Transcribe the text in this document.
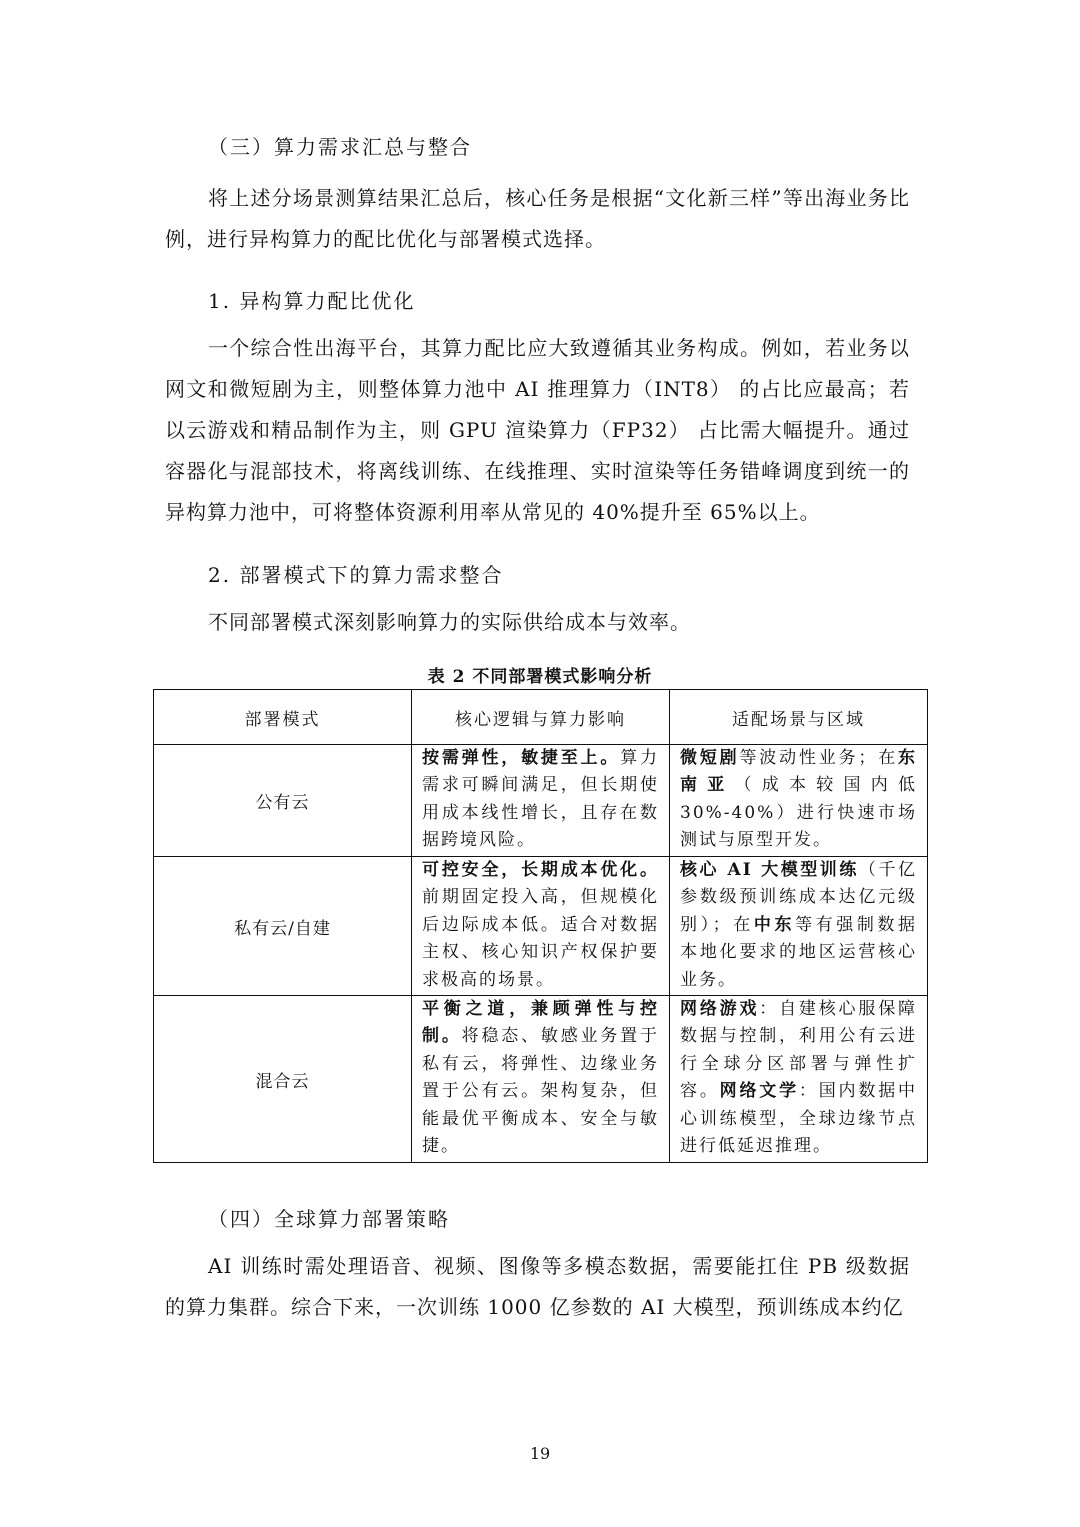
（三）算力需求汇总与整合

将上述分场景测算结果汇总后，核心任务是根据“文化新三样”等出海业务比例，进行异构算力的配比优化与部署模式选择。

1. 异构算力配比优化

一个综合性出海平台，其算力配比应大致遵循其业务构成。例如，若业务以网文和微短剧为主，则整体算力池中 AI 推理算力（INT8） 的占比应最高；若以云游戏和精品制作为主，则 GPU 渲染算力（FP32） 占比需大幅提升。通过容器化与混部技术，将离线训练、在线推理、实时渲染等任务错峰调度到统一的异构算力池中，可将整体资源利用率从常见的 40%提升至 65%以上。

2. 部署模式下的算力需求整合

不同部署模式深刻影响算力的实际供给成本与效率。

表 2 不同部署模式影响分析
部署模式	核心逻辑与算力影响	适配场景与区域
公有云	按需弹性，敏捷至上。算力需求可瞬间满足，但长期使用成本线性增长，且存在数据跨境风险。	微短剧等波动性业务；在东南亚（成本较国内低 30%-40%）进行快速市场测试与原型开发。
私有云/自建	可控安全，长期成本优化。前期固定投入高，但规模化后边际成本低。适合对数据主权、核心知识产权保护要求极高的场景。	核心 AI 大模型训练（千亿参数级预训练成本达亿元级别）；在中东等有强制数据本地化要求的地区运营核心业务。
混合云	平衡之道，兼顾弹性与控制。将稳态、敏感业务置于私有云，将弹性、边缘业务置于公有云。架构复杂，但能最优平衡成本、安全与敏捷。	网络游戏：自建核心服保障数据与控制，利用公有云进行全球分区部署与弹性扩容。网络文学：国内数据中心训练模型，全球边缘节点进行低延迟推理。
（四）全球算力部署策略

AI 训练时需处理语音、视频、图像等多模态数据，需要能扛住 PB 级数据的算力集群。综合下来，一次训练 1000 亿参数的 AI 大模型，预训练成本约亿

19
